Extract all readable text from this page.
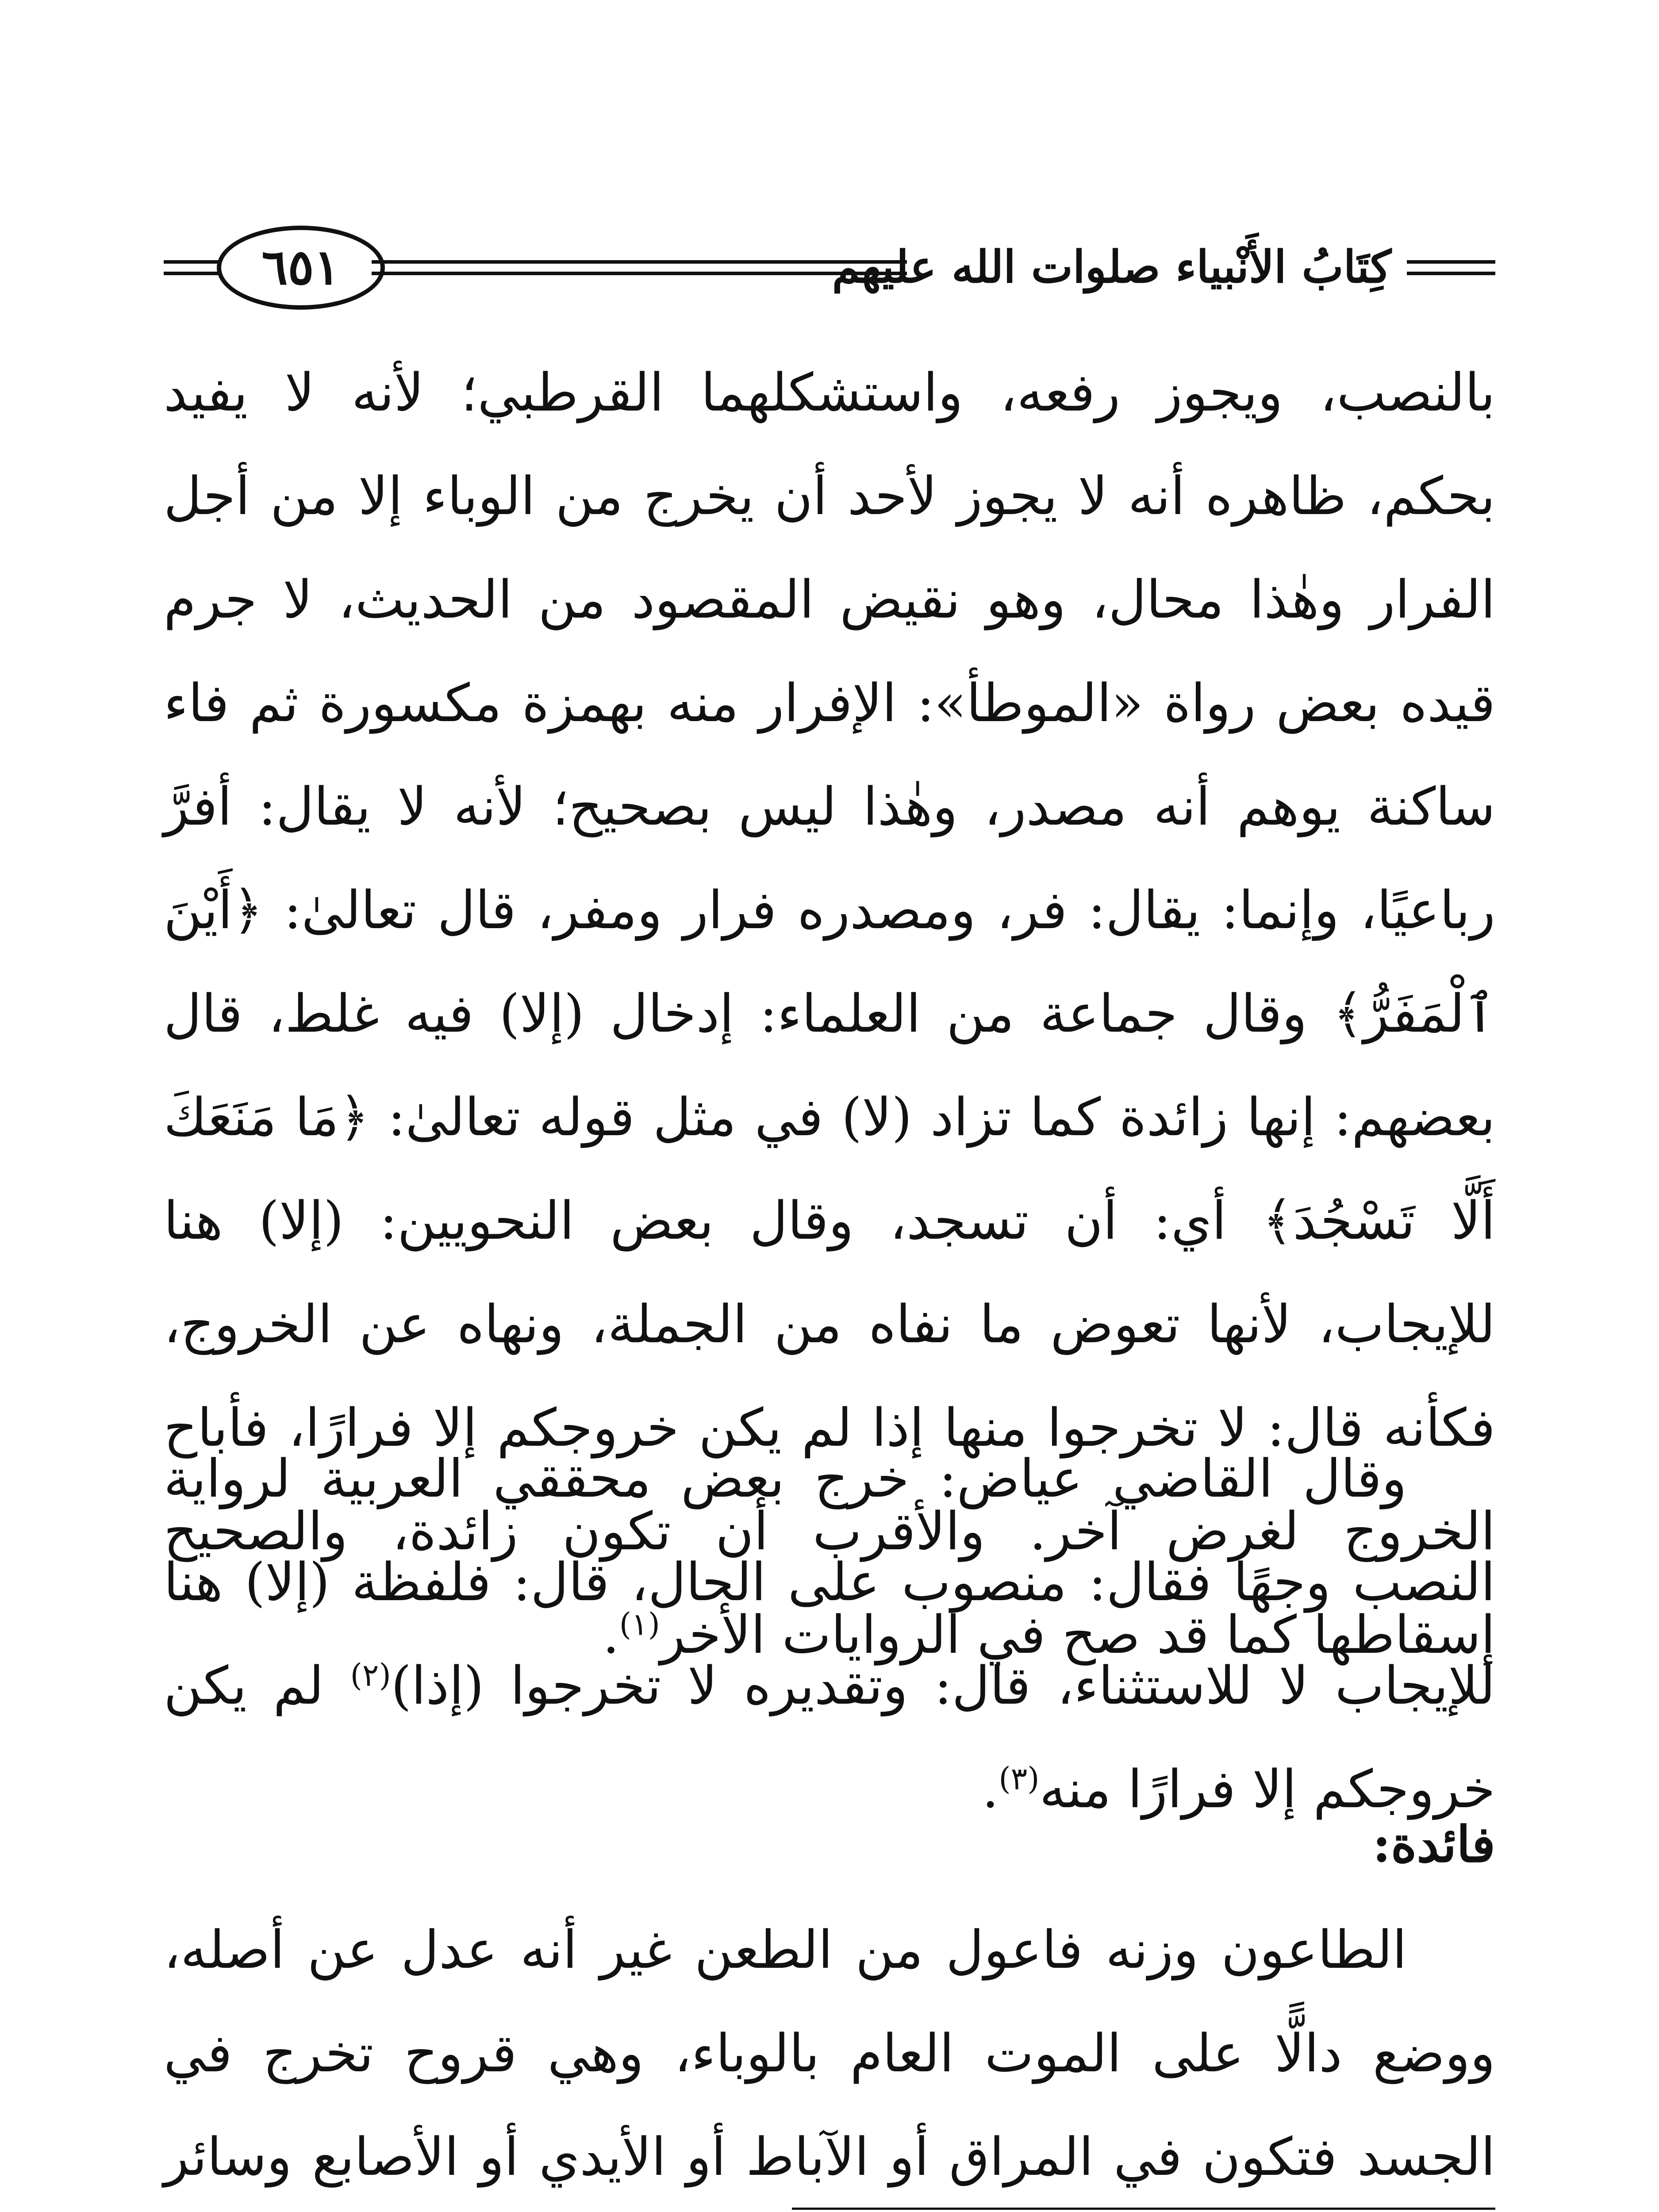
٦٥١	كِتَابُ الأَنْبياء صلوات الله عليهم
بالنصب، ويجوز رفعه، واستشكلهما القرطبي؛ لأنه لا يفيد بحكم، ظاهره أنه لا يجوز لأحد أن يخرج من الوباء إلا من أجل الفرار وهٰذا محال، وهو نقيض المقصود من الحديث، لا جرم قيده بعض رواة «الموطأ»: الإفرار منه بهمزة مكسورة ثم فاء ساكنة يوهم أنه مصدر، وهٰذا ليس بصحيح؛ لأنه لا يقال: أفرَّ رباعيًا، وإنما: يقال: فر، ومصدره فرار ومفر، قال تعالىٰ: ﴿أَيْنَ ٱلْمَفَرُّ﴾ وقال جماعة من العلماء: إدخال (إلا) فيه غلط، قال بعضهم: إنها زائدة كما تزاد (لا) في مثل قوله تعالىٰ: ﴿مَا مَنَعَكَ أَلَّا تَسْجُدَ﴾ أي: أن تسجد، وقال بعض النحويين: (إلا) هنا للإيجاب، لأنها تعوض ما نفاه من الجملة، ونهاه عن الخروج، فكأنه قال: لا تخرجوا منها إذا لم يكن خروجكم إلا فرارًا، فأباح الخروج لغرض آخر. والأقرب أن تكون زائدة، والصحيح إسقاطها كما قد صح في الروايات الأخر$^{(١)}$.
وقال القاضي عياض: خرج بعض محققي العربية لرواية النصب وجهًا فقال: منصوب على الحال، قال: فلفظة (إلا) هنا للإيجاب لا للاستثناء، قال: وتقديره لا تخرجوا (إذا)$^{(٢)}$ لم يكن خروجكم إلا فرارًا منه$^{(٣)}$.
فائدة:
الطاعون وزنه فاعول من الطعن غير أنه عدل عن أصله، ووضع دالًّا على الموت العام بالوباء، وهي قروح تخرج في الجسد فتكون في المراق أو الآباط أو الأيدي أو الأصابع وسائر
